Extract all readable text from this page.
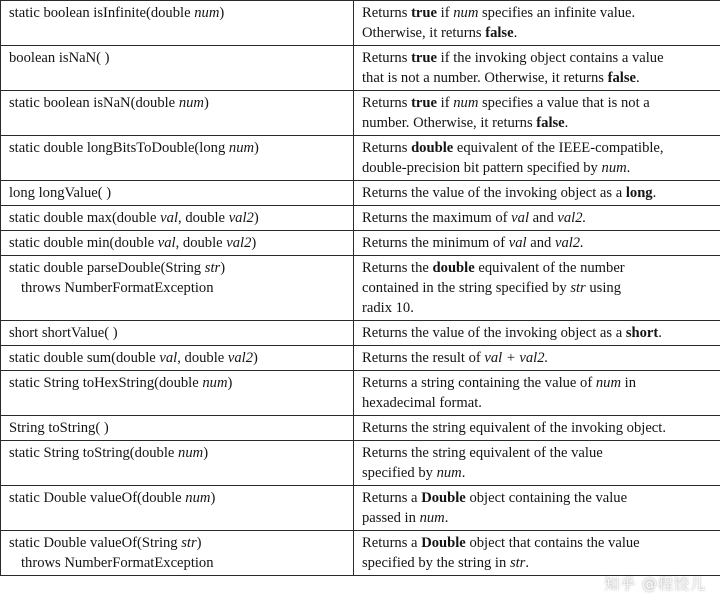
static boolean isInfinite(double num)	Returns true if num specifies an infinite value.
Otherwise, it returns false.

boolean isNaN( )	Returns true if the invoking object contains a value
that is not a number. Otherwise, it returns false.

static boolean isNaN(double num)	Returns true if num specifies a value that is not a
number. Otherwise, it returns false.

static double longBitsToDouble(long num)	Returns double equivalent of the IEEE-compatible,
double-precision bit pattern specified by num.

long longValue( )	Returns the value of the invoking object as a long.

static double max(double val, double val2)	Returns the maximum of val and val2.

static double min(double val, double val2)	Returns the minimum of val and val2.

static double parseDouble(String str)
throws NumberFormatException	Returns the double equivalent of the number
contained in the string specified by str using
radix 10.

short shortValue( )	Returns the value of the invoking object as a short.

static double sum(double val, double val2)	Returns the result of val + val2.

static String toHexString(double num)	Returns a string containing the value of num in
hexadecimal format.

String toString( )	Returns the string equivalent of the invoking object.

static String toString(double num)	Returns the string equivalent of the value
specified by num.

static Double valueOf(double num)	Returns a Double object containing the value
passed in num.

static Double valueOf(String str)
throws NumberFormatException	Returns a Double object that contains the value
specified by the string in str.
知乎 @程饺儿
